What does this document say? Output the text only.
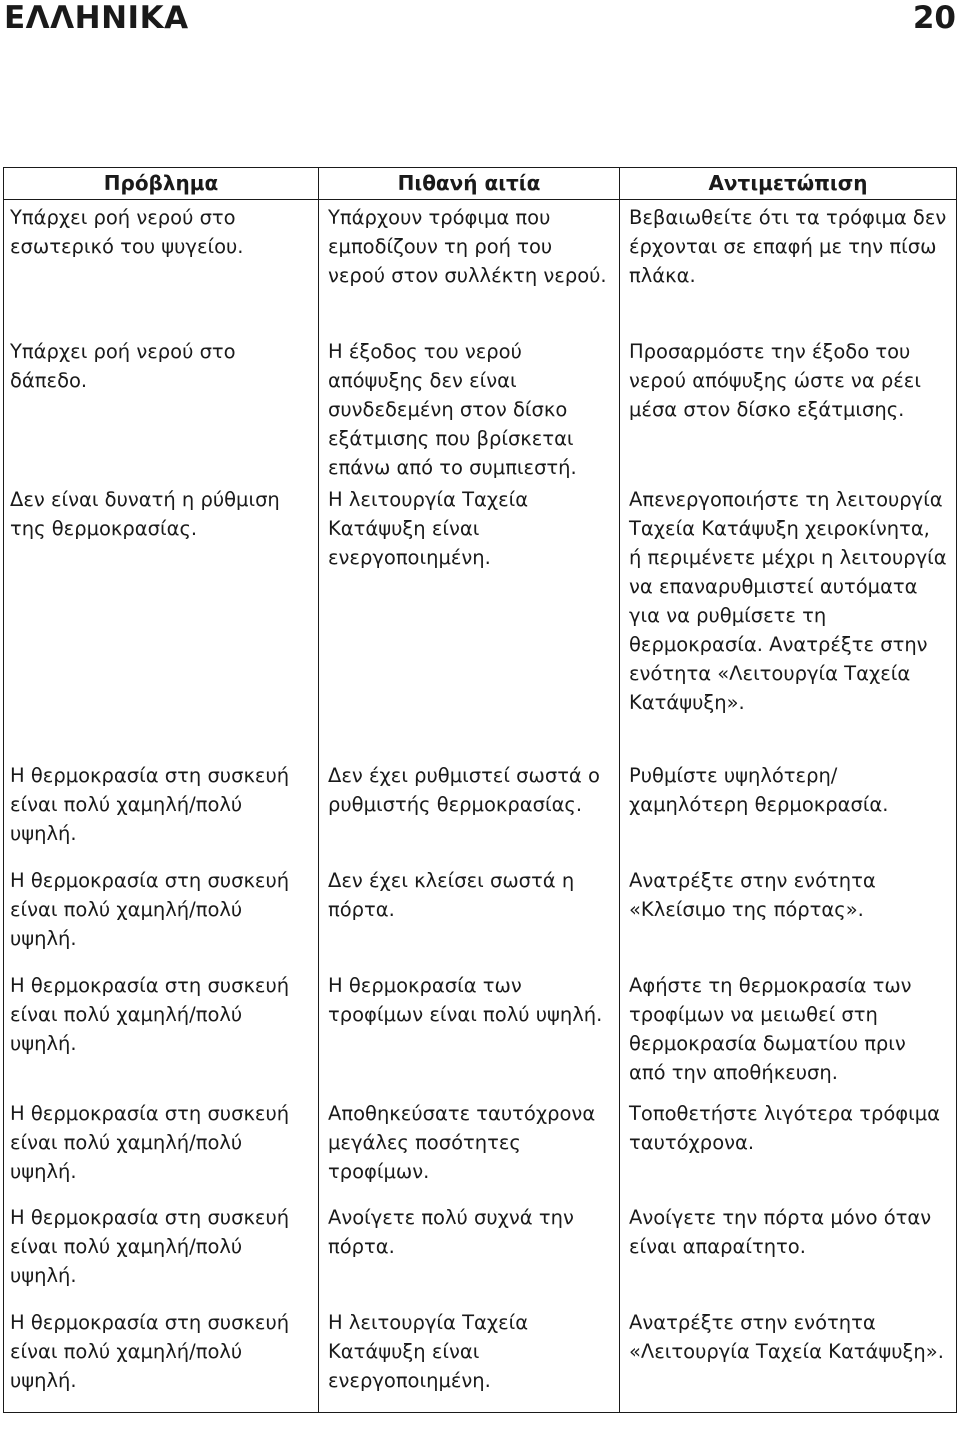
ΕΛΛΗΝΙΚΑ	20
Πρόβλημα	Πιθανή αιτία	Αντιμετώπιση
Υπάρχει ροή νερού στο εσωτερικό του ψυγείου.	Υπάρχουν τρόφιμα που εμποδίζουν τη ροή του νερού στον συλλέκτη νερού.	Βεβαιωθείτε ότι τα τρόφιμα δεν έρχονται σε επαφή με την πίσω πλάκα.
Υπάρχει ροή νερού στο δάπεδο.	Η έξοδος του νερού απόψυξης δεν είναι συνδεδεμένη στον δίσκο εξάτμισης που βρίσκεται επάνω από το συμπιεστή.	Προσαρμόστε την έξοδο του νερού απόψυξης ώστε να ρέει μέσα στον δίσκο εξάτμισης.
Δεν είναι δυνατή η ρύθμιση της θερμοκρασίας.	Η λειτουργία Ταχεία Κατάψυξη είναι ενεργοποιημένη.	Απενεργοποιήστε τη λειτουργία Ταχεία Κατάψυξη χειροκίνητα, ή περιμένετε μέχρι η λειτουργία να επαναρυθμιστεί αυτόματα για να ρυθμίσετε τη θερμοκρασία. Ανατρέξτε στην ενότητα «Λειτουργία Ταχεία Κατάψυξη».
Η θερμοκρασία στη συσκευή είναι πολύ χαμηλή/πολύ υψηλή.	Δεν έχει ρυθμιστεί σωστά ο ρυθμιστής θερμοκρασίας.	Ρυθμίστε υψηλότερη/χαμηλότερη θερμοκρασία.
Η θερμοκρασία στη συσκευή είναι πολύ χαμηλή/πολύ υψηλή.	Δεν έχει κλείσει σωστά η πόρτα.	Ανατρέξτε στην ενότητα «Κλείσιμο της πόρτας».
Η θερμοκρασία στη συσκευή είναι πολύ χαμηλή/πολύ υψηλή.	Η θερμοκρασία των τροφίμων είναι πολύ υψηλή.	Αφήστε τη θερμοκρασία των τροφίμων να μειωθεί στη θερμοκρασία δωματίου πριν από την αποθήκευση.
Η θερμοκρασία στη συσκευή είναι πολύ χαμηλή/πολύ υψηλή.	Αποθηκεύσατε ταυτόχρονα μεγάλες ποσότητες τροφίμων.	Τοποθετήστε λιγότερα τρόφιμα ταυτόχρονα.
Η θερμοκρασία στη συσκευή είναι πολύ χαμηλή/πολύ υψηλή.	Ανοίγετε πολύ συχνά την πόρτα.	Ανοίγετε την πόρτα μόνο όταν είναι απαραίτητο.
Η θερμοκρασία στη συσκευή είναι πολύ χαμηλή/πολύ υψηλή.	Η λειτουργία Ταχεία Κατάψυξη είναι ενεργοποιημένη.	Ανατρέξτε στην ενότητα «Λειτουργία Ταχεία Κατάψυξη».
